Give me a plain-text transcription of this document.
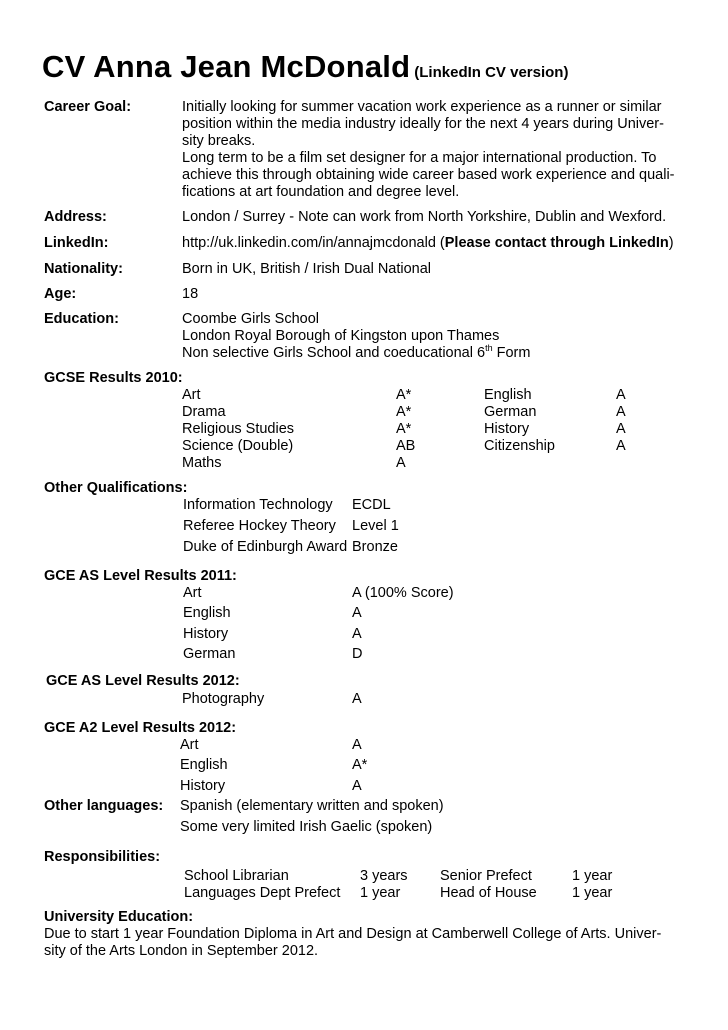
CV Anna Jean McDonald (LinkedIn CV version)
Career Goal:	Initially looking for summer vacation work experience as a runner or similar
position within the media industry ideally for the next 4 years during Univer-
sity breaks.
Long term to be a film set designer for a major international production. To
achieve this through obtaining wide career based work experience and quali-
fications at art foundation and degree level.
Address:	London / Surrey - Note can work from North Yorkshire, Dublin and Wexford.
LinkedIn:	http://uk.linkedin.com/in/annajmcdonald (Please contact through LinkedIn)
Nationality:	Born in UK, British / Irish Dual National
Age:	18
Education:	Coombe Girls School
London Royal Borough of Kingston upon Thames
Non selective Girls School and coeducational 6th Form
GCSE Results 2010:
Art	A*	English	A
Drama	A*	German	A
Religious Studies	A*	History	A
Science (Double)	AB	Citizenship	A
Maths	A
Other Qualifications:
Information Technology ECDL
Referee Hockey Theory Level 1
Duke of Edinburgh Award Bronze
GCE AS Level Results 2011:
Art	A (100% Score)
English	A
History	A
German	D
GCE AS Level Results 2012:
Photography	A
GCE A2 Level Results 2012:
Art	A
English	A*
History	A
Other languages: Spanish (elementary written and spoken)
Some very limited Irish Gaelic (spoken)
Responsibilities:
School Librarian	3 years Senior Prefect	1 year
Languages Dept Prefect 1 year	Head of House 1 year
University Education:
Due to start 1 year Foundation Diploma in Art and Design at Camberwell College of Arts. Univer-
sity of the Arts London in September 2012.
